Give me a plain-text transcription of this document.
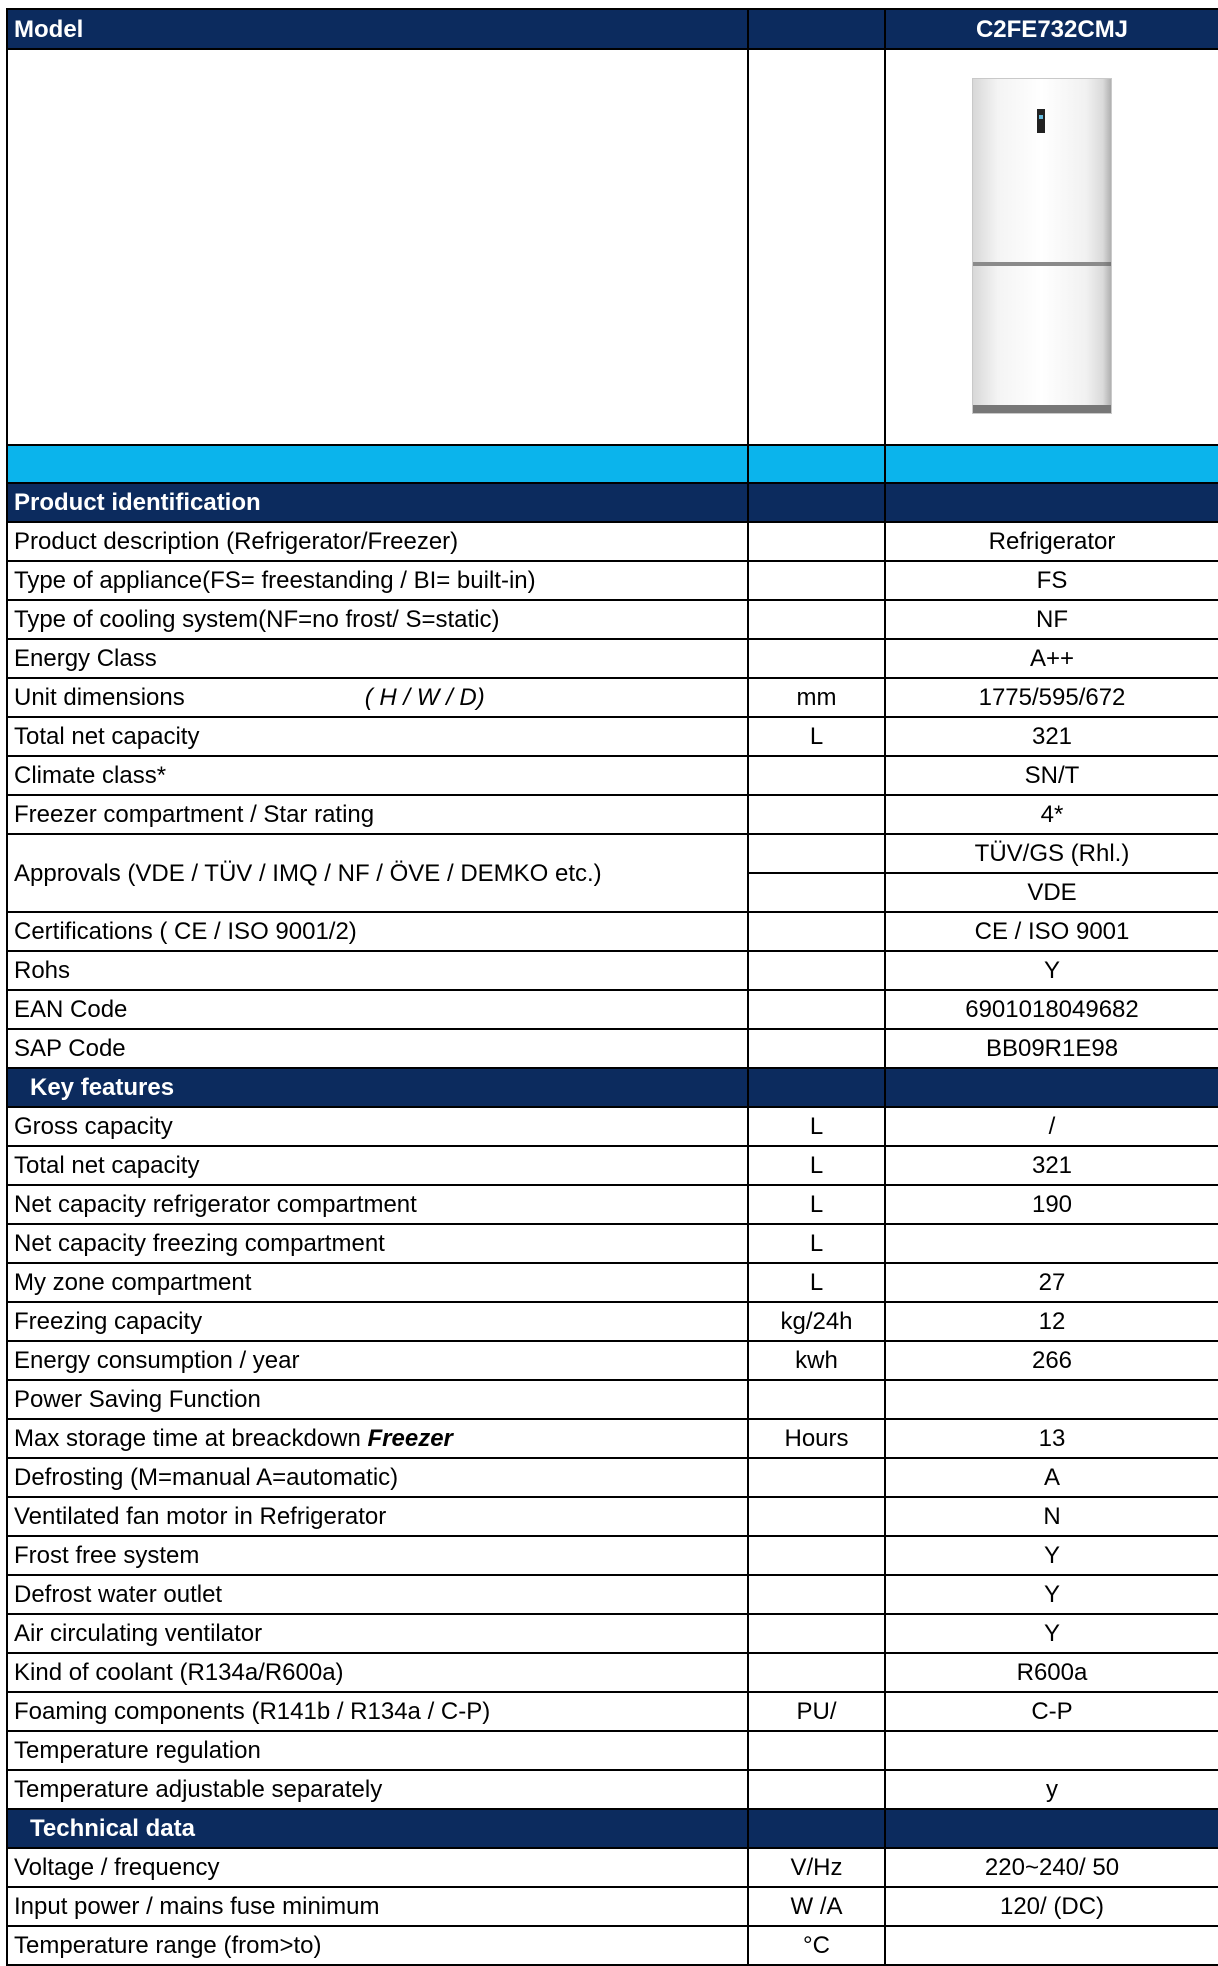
Model		C2FE732CMJ

Product identification		
Product description (Refrigerator/Freezer)		Refrigerator
Type of appliance(FS= freestanding / BI= built-in)		FS
Type of cooling system(NF=no frost/ S=static)		NF
Energy Class		A++
Unit dimensions ( H / W / D)	mm	1775/595/672
Total net capacity	L	321
Climate class*		SN/T
Freezer compartment / Star rating		4*
Approvals (VDE / TÜV / IMQ / NF / ÖVE / DEMKO etc.)		TÜV/GS (Rhl.)
		VDE
Certifications ( CE / ISO 9001/2)		CE / ISO 9001
Rohs		Y
EAN Code		6901018049682
SAP Code		BB09R1E98
Key features		
Gross capacity	L	/
Total net capacity	L	321
Net capacity refrigerator compartment	L	190
Net capacity freezing compartment	L	
My zone compartment	L	27
Freezing capacity	kg/24h	12
Energy consumption / year	kwh	266
Power Saving Function		
Max storage time at breackdown Freezer	Hours	13
Defrosting (M=manual A=automatic)		A
Ventilated fan motor in Refrigerator		N
Frost free system		Y
Defrost water outlet		Y
Air circulating ventilator		Y
Kind of coolant (R134a/R600a)		R600a
Foaming components (R141b / R134a / C-P)	PU/	C-P
Temperature regulation		
Temperature adjustable separately		y
Technical data		
Voltage / frequency	V/Hz	220~240/ 50
Input power / mains fuse minimum	W /A	120/ (DC)
Temperature range (from>to)	°C	
